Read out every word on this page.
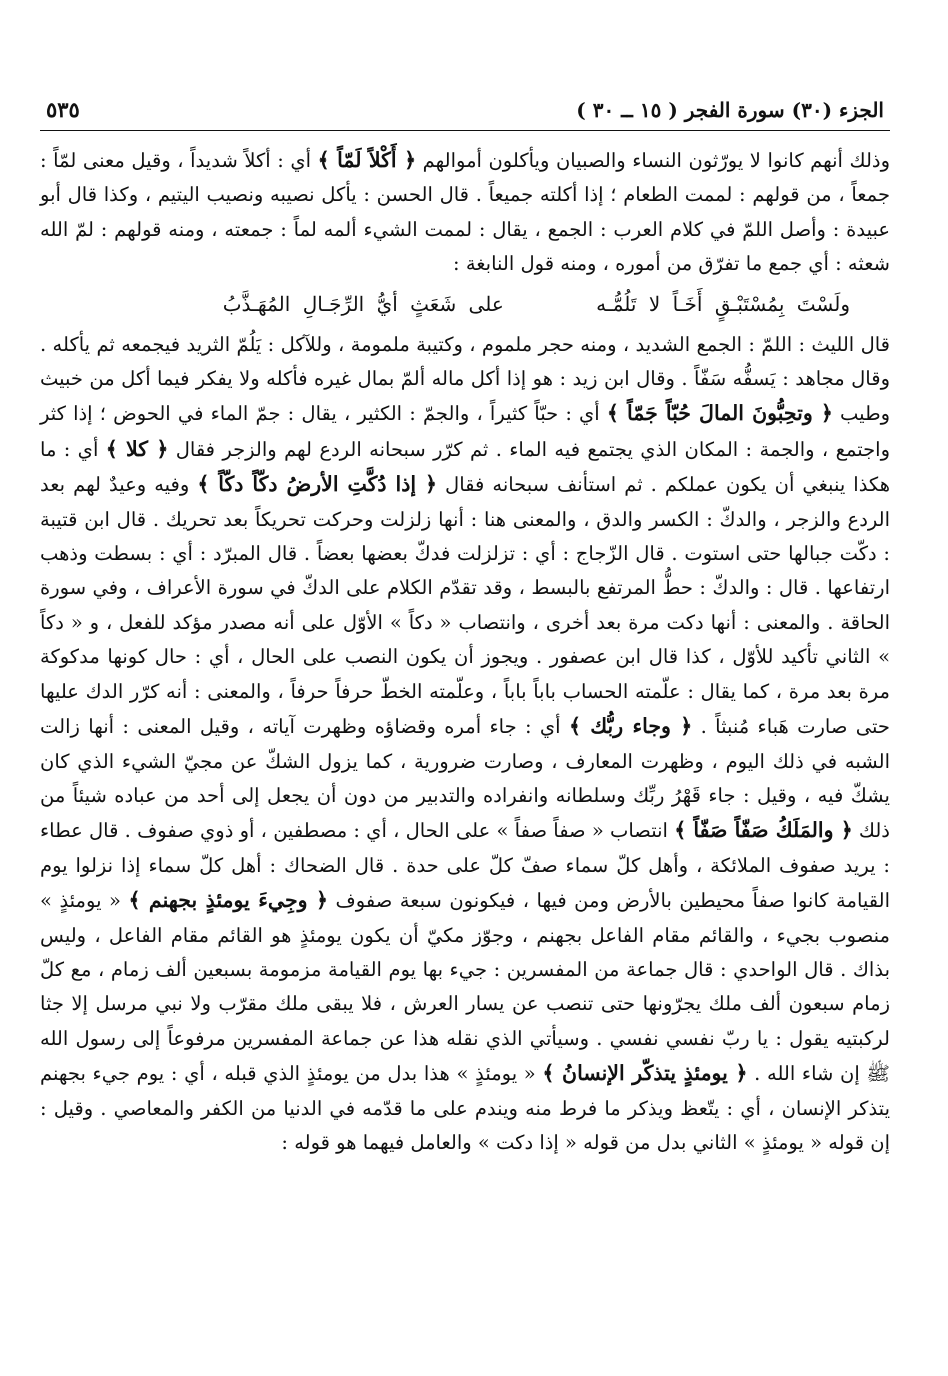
الجزء (٣٠) سورة الفجر ( ١٥ ــ ٣٠ )
٥٣٥

وذلك أنهم كانوا لا يورّثون النساء والصبيان ويأكلون أموالهم ﴿ أَكْلاً لَمّاً ﴾ أي : أكلاً شديداً ، وقيل معنى لمّاً : جمعاً ، من قولهم : لممت الطعام ؛ إذا أكلته جميعاً . قال الحسن : يأكل نصيبه ونصيب اليتيم ، وكذا قال أبو عبيدة : وأصل اللمّ في كلام العرب : الجمع ، يقال : لممت الشيء ألمه لماً : جمعته ، ومنه قولهم : لمّ الله شعثه : أي جمع ما تفرّق من أموره ، ومنه قول النابغة :

ولَسْتَ بِمُسْتَبْـقٍ أَخَـاً لا تَلُمُّـه على شَعَثٍ أيُّ الرِّجَـالِ المُهَـذَّبُ

قال الليث : اللمّ : الجمع الشديد ، ومنه حجر ملموم ، وكتيبة ملمومة ، وللآكل : يَلُمّ الثريد فيجمعه ثم يأكله . وقال مجاهد : يَسفُّه سَفّاً . وقال ابن زيد : هو إذا أكل ماله ألمّ بمال غيره فأكله ولا يفكر فيما أكل من خبيث وطيب ﴿ وتحِبُّونَ المالَ حُبّاً جَمّاً ﴾ أي : حبّاً كثيراً ، والجمّ : الكثير ، يقال : جمّ الماء في الحوض ؛ إذا كثر واجتمع ، والجمة : المكان الذي يجتمع فيه الماء . ثم كرّر سبحانه الردع لهم والزجر فقال ﴿ كلا ﴾ أي : ما هكذا ينبغي أن يكون عملكم . ثم استأنف سبحانه فقال ﴿ إذا دُكَّتِ الأرضُ دكّاً دكّاً ﴾ وفيه وعيدٌ لهم بعد الردع والزجر ، والدكّ : الكسر والدق ، والمعنى هنا : أنها زلزلت وحركت تحريكاً بعد تحريك . قال ابن قتيبة : دكّت جبالها حتى استوت . قال الزّجاج : أي : تزلزلت فدكّ بعضها بعضاً . قال المبرّد : أي : بسطت وذهب ارتفاعها . قال : والدكّ : حطُّ المرتفع بالبسط ، وقد تقدّم الكلام على الدكّ في سورة الأعراف ، وفي سورة الحاقة . والمعنى : أنها دكت مرة بعد أخرى ، وانتصاب « دكاً » الأوّل على أنه مصدر مؤكد للفعل ، و « دكاً » الثاني تأكيد للأوّل ، كذا قال ابن عصفور . ويجوز أن يكون النصب على الحال ، أي : حال كونها مدكوكة مرة بعد مرة ، كما يقال : علّمته الحساب باباً باباً ، وعلّمته الخطّ حرفاً حرفاً ، والمعنى : أنه كرّر الدك عليها حتى صارت هَباء مُنبثاً . ﴿ وجاء ربُّك ﴾ أي : جاء أمره وقضاؤه وظهرت آياته ، وقيل المعنى : أنها زالت الشبه في ذلك اليوم ، وظهرت المعارف ، وصارت ضرورية ، كما يزول الشكّ عن مجيّ الشيء الذي كان يشكّ فيه ، وقيل : جاء قَهْرُ ربِّك وسلطانه وانفراده والتدبير من دون أن يجعل إلى أحد من عباده شيئاً من ذلك ﴿ والمَلَكُ صَفّاً صَفّاً ﴾ انتصاب « صفاً صفاً » على الحال ، أي : مصطفين ، أو ذوي صفوف . قال عطاء : يريد صفوف الملائكة ، وأهل كلّ سماء صفّ كلّ على حدة . قال الضحاك : أهل كلّ سماء إذا نزلوا يوم القيامة كانوا صفاً محيطين بالأرض ومن فيها ، فيكونون سبعة صفوف ﴿ وجِيءَ يومئذٍ بجهنم ﴾ « يومئذٍ » منصوب بجيء ، والقائم مقام الفاعل بجهنم ، وجوّز مكيّ أن يكون يومئذٍ هو القائم مقام الفاعل ، وليس بذاك . قال الواحدي : قال جماعة من المفسرين : جيء بها يوم القيامة مزمومة بسبعين ألف زمام ، مع كلّ زمام سبعون ألف ملك يجرّونها حتى تنصب عن يسار العرش ، فلا يبقى ملك مقرّب ولا نبي مرسل إلا جثا لركبتيه يقول : يا ربّ نفسي نفسي . وسيأتي الذي نقله هذا عن جماعة المفسرين مرفوعاً إلى رسول الله ﷺ إن شاء الله . ﴿ يومئذٍ يتذكّر الإنسانُ ﴾ « يومئذٍ » هذا بدل من يومئذٍ الذي قبله ، أي : يوم جيء بجهنم يتذكر الإنسان ، أي : يتّعظ ويذكر ما فرط منه ويندم على ما قدّمه في الدنيا من الكفر والمعاصي . وقيل : إن قوله « يومئذٍ » الثاني بدل من قوله « إذا دكت » والعامل فيهما هو قوله :
